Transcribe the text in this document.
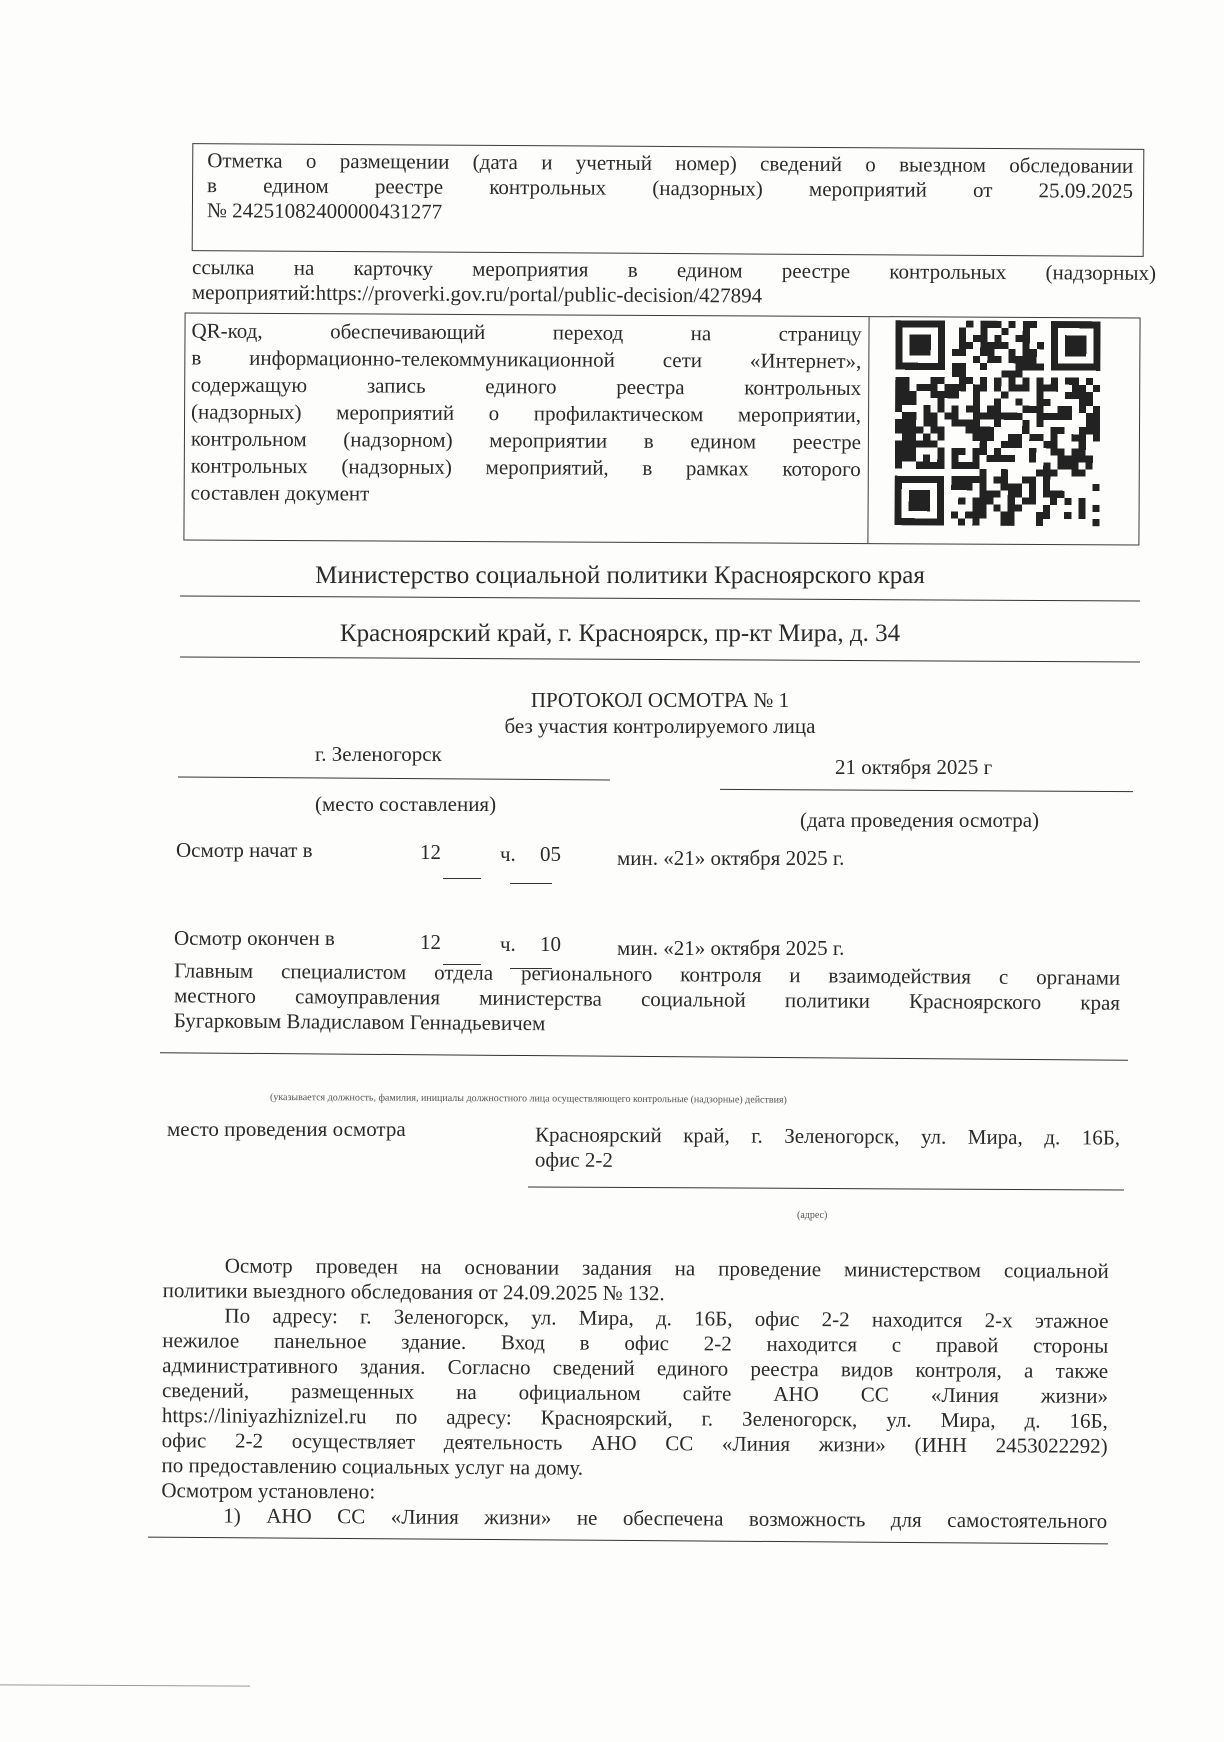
Отметка о размещении (дата и учетный номер) сведений о выездном обследовании
в едином реестре контрольных (надзорных) мероприятий от 25.09.2025
№ 24251082400000431277
ссылка на карточку мероприятия в едином реестре контрольных (надзорных)
мероприятий:https://proverki.gov.ru/portal/public-decision/427894
QR-код, обеспечивающий переход на страницу
в информационно-телекоммуникационной сети «Интернет»,
содержащую запись единого реестра контрольных
(надзорных) мероприятий о профилактическом мероприятии,
контрольном (надзорном) мероприятии в едином реестре
контрольных (надзорных) мероприятий, в рамках которого
составлен документ
Министерство социальной политики Красноярского края
Красноярский край, г. Красноярск, пр-кт Мира, д. 34
ПРОТОКОЛ ОСМОТРА № 1
без участия контролируемого лица
г. Зеленогорск
(место составления)
21 октября 2025 г
(дата проведения осмотра)
Осмотр начат в	12	ч. 05	мин. «21» октября 2025 г.
Осмотр окончен в	12	ч. 10	мин. «21» октября 2025 г.
Главным специалистом отдела регионального контроля и взаимодействия с органами
местного самоуправления министерства социальной политики Красноярского края
Бугарковым Владиславом Геннадьевичем
(указывается должность, фамилия, инициалы должностного лица осуществляющего контрольные (надзорные) действия)
место проведения осмотра	Красноярский край, г. Зеленогорск, ул. Мира, д. 16Б,
офис 2-2
(адрес)
Осмотр проведен на основании задания на проведение министерством социальной
политики выездного обследования от 24.09.2025 № 132.
По адресу: г. Зеленогорск, ул. Мира, д. 16Б, офис 2-2 находится 2-х этажное
нежилое панельное здание. Вход в офис 2-2 находится с правой стороны
административного здания. Согласно сведений единого реестра видов контроля, а также
сведений, размещенных на официальном сайте АНО СС «Линия жизни»
https://liniyazhiznizel.ru по адресу: Красноярский, г. Зеленогорск, ул. Мира, д. 16Б,
офис 2-2 осуществляет деятельность АНО СС «Линия жизни» (ИНН 2453022292)
по предоставлению социальных услуг на дому.
Осмотром установлено:
1) АНО СС «Линия жизни» не обеспечена возможность для самостоятельного
